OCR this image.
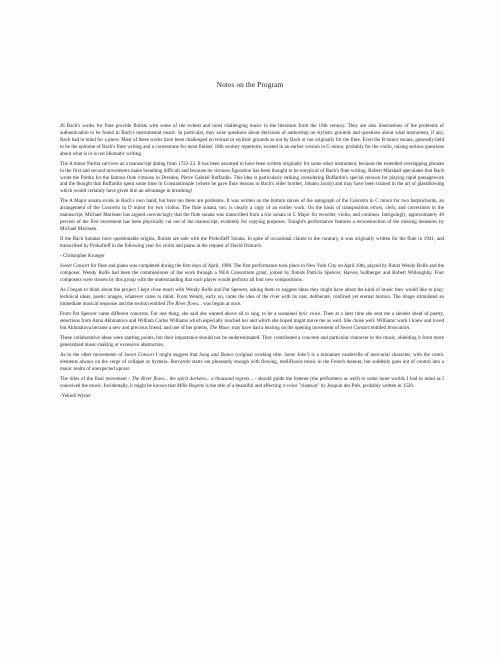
Notes on the Program

JS Bach's works for flute provide flutists with some of the richest and most challenging music in the literature from the 18th century. They are also illustrations of the problems of authentication to be found in Bach's instrumental music. In particular, they raise questions about decisions of authorship on stylistic grounds and questions about what instrument, if any, Bach had in mind for a piece. Most of these works have been challenged on textual or stylistic grounds as not by Bach or not originally for the flute. Even the B minor sonata, generally held to be the epitome of Bach's flute writing and a cornerstone for most flutists' 18th century repertoire, existed in an earlier version in G minor, probably for the violin, raising serious questions about what is or is not idiomatic writing.

The A minor Partita survives as a manuscript dating from 1722-23. It has been assumed to have been written originally for some other instrument, because the extended overlapping phrases in the first and second movements make breathing difficult and because its virtuoso figuration has been thought to be untypical of Bach's flute writing. Robert Marshall speculates that Bach wrote the Partita for the famous flute virtuoso in Dresden, Pierre Gabriel Buffardin. This idea is particularly striking considering Buffardin's special renown for playing rapid passagework and the thought that Buffardin spent some time in Constantinople (where he gave flute lessons to Bach's older brother, Johann Jacob) and may have been trained in the art of glassblowing which would certainly have given him an advantage in breathing!

The A Major sonata exists in Bach's own hand, but here too there are problems. It was written on the bottom staves of the autograph of the Concerto in C minor for two harpsichords, an arrangement of the Concerto in D minor for two violins. The flute sonata, too, is clearly a copy of an earlier work. On the basis of transposition errors, clefs, and corrections in the manuscript, Michael Marissen has argued convincingly that the flute sonata was transcribed from a trio sonata in C Major for recorder, violin, and continuo. Intriguingly, approximately 40 percent of the first movement has been physically cut out of the manuscript, evidently for copying purposes. Tonight's performance features a reconstruction of the missing measures by Michael Marissen.

If the Bach Sonatas have questionable origins, flutists are safe with the Prokofieff Sonata. In spite of occasional claims to the contrary, it was originally written for the flute in 1941, and transcribed by Prokofieff in the following year for violin and piano at the request of David Oistrach.

- Christopher Krueger

Sweet Consort for flute and piano was completed during the first days of April, 1988. The first performance took place in New York City on April 10th, played by flutist Wendy Rolfe and the composer. Wendy Rolfe had been the commissioner of the work through a NEA Consortium grant, joined by flutists Patricia Spencer, Harvey Sollberger and Robert Willoughby. Four composers were chosen by this group with the understanding that each player would perform all four new compositions.

As I began to think about the project I kept close touch with Wendy Rolfe and Pat Spencer, asking them to suggest ideas they might have about the kind of music they would like to play: technical ideas, poetic images, whatever came to mind. From Wendy, early on, came the idea of the river with its vast, deliberate, confined yet eternal motion. The image stimulated an immediate musical response and the section entitled The River flows... was begun at once.

From Pat Spencer came different concerns. For one thing, she said she wanted above all to sing, to be a sustained lyric voice. Then at a later time she sent me a slender sheaf of poetry, selections from Anna Akhmatova and William Carlos Williams which especially touched her and which she hoped might move me as well. She chose well. Williams' work I knew and loved but Akhmatova became a new and precious friend, and one of her poems, The Muse, may have had a bearing on the opening movement of Sweet Consort entitled Invocation.

These collaborative ideas were starting points, but their importance should not be underestimated. They contributed a concrete and particular character to the music, shielding it from more generalized music-making or excessive abstraction.

As to the other movements of Sweet Consort I might suggest that Song and Dance (original working title: Some Joke!) is a miniature vaudeville of mercurial character, with the comic elements always on the verge of collapse or hysteria. Barcarole starts out pleasantly enough with flowing, mellifluous music in the French manner, but suddenly goes out of control into a manic realm of unexpected uproar.

The titles of the final movement - The River flows... the spirit darkens... a thousand regrets... - should guide the listener (the performers as well) to some inner worlds I had in mind as I conceived the music. Incidentally, it might be known that Mille Regretz is the title of a beautiful and affecting 4-voice "chanson" by Josquin des Prés, probably written in 1520.

-Yehudi Wyner
